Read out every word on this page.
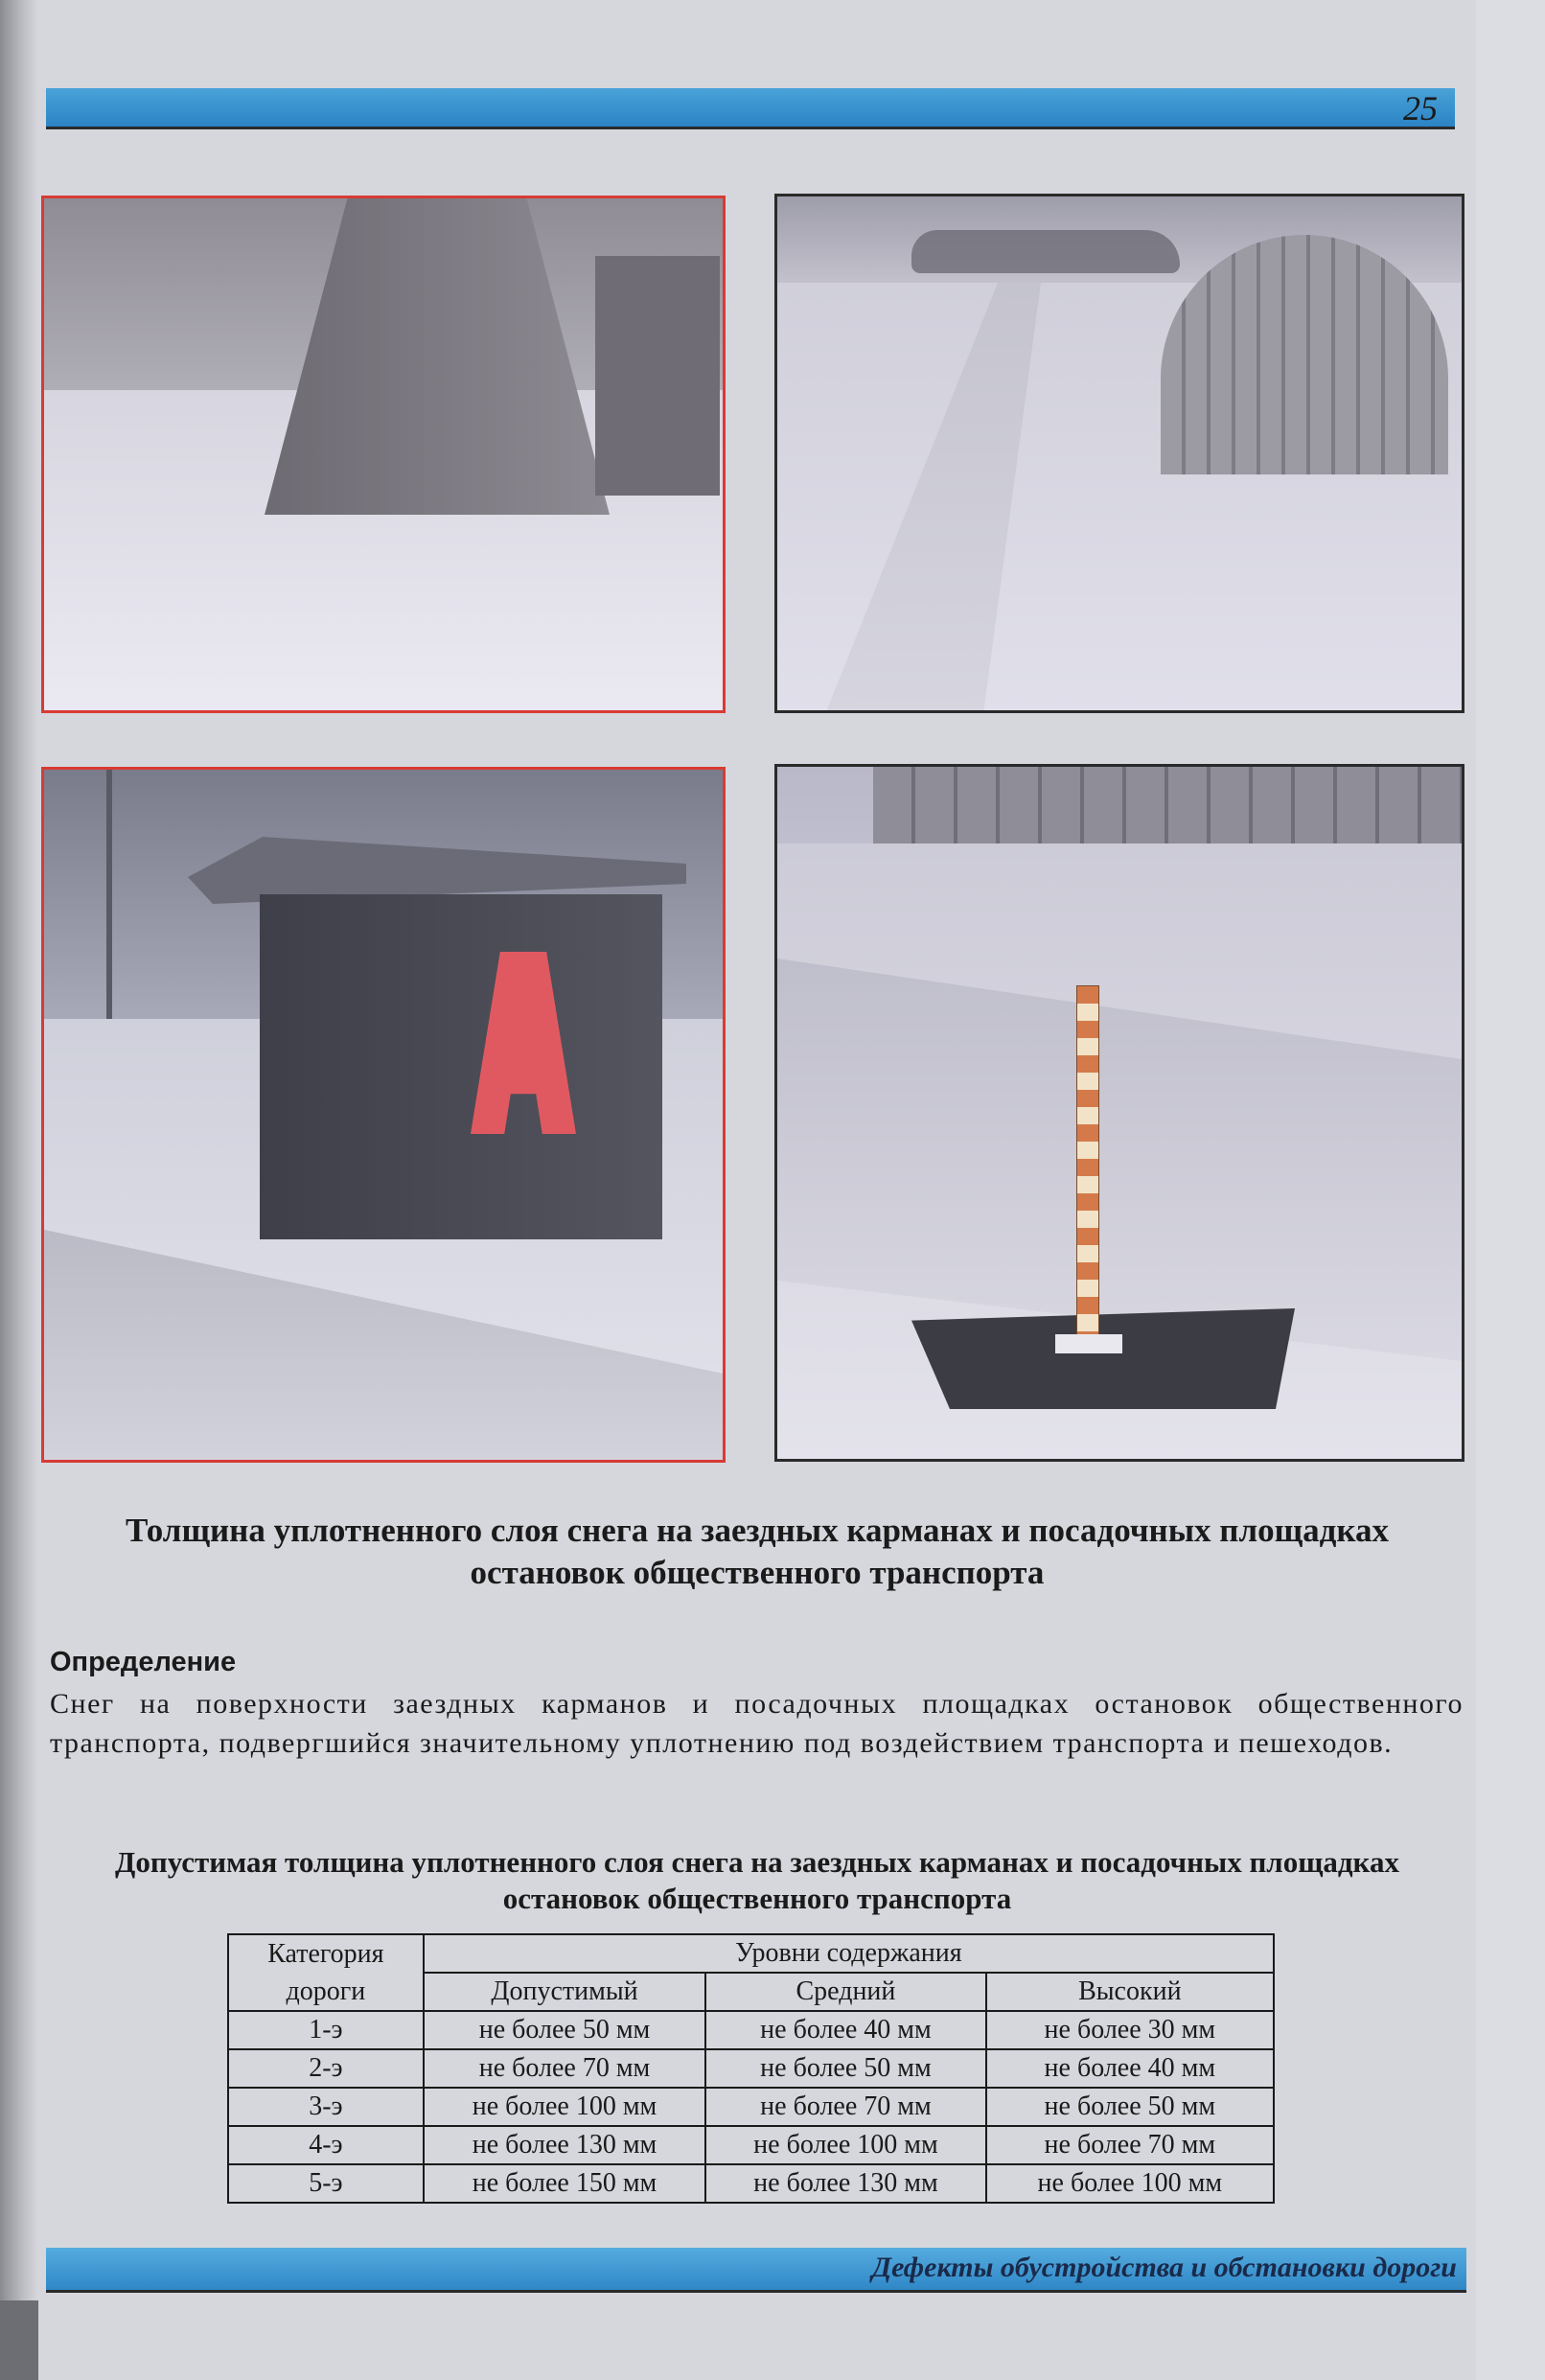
25
Толщина уплотненного слоя снега на заездных карманах и посадочных площадках остановок общественного транспорта
Определение
Снег на поверхности заездных карманов и посадочных площадках остановок общественного транспорта, подвергшийся значительному уплотнению под воздействием транспорта и пешеходов.
Допустимая толщина уплотненного слоя снега на заездных карманах и посадочных площадках остановок общественного транспорта
Категория	Уровни содержания		
дороги	Допустимый	Средний	Высокий
1-э	не более 50 мм	не более 40 мм	не более 30 мм
2-э	не более 70 мм	не более 50 мм	не более 40 мм
3-э	не более 100 мм	не более 70 мм	не более 50 мм
4-э	не более 130 мм	не более 100 мм	не более 70 мм
5-э	не более 150 мм	не более 130 мм	не более 100 мм
Дефекты обустройства и обстановки дороги
